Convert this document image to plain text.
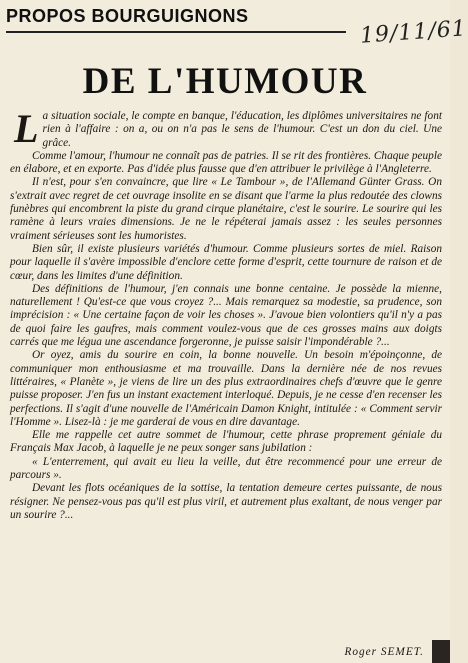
PROPOS BOURGUIGNONS
19/11/61
DE L'HUMOUR

La situation sociale, le compte en banque, l'éducation, les diplômes universitaires ne font rien à l'affaire : on a, ou on n'a pas le sens de l'humour. C'est un don du ciel. Une grâce.

Comme l'amour, l'humour ne connaît pas de patries. Il se rit des frontières. Chaque peuple en élabore, et en exporte. Pas d'idée plus fausse que d'en attribuer le privilège à l'Angleterre.

Il n'est, pour s'en convaincre, que lire « Le Tambour », de l'Allemand Günter Grass. On s'extrait avec regret de cet ouvrage insolite en se disant que l'arme la plus redoutée des clowns funèbres qui encombrent la piste du grand cirque planétaire, c'est le sourire. Le sourire qui les ramène à leurs vraies dimensions. Je ne le répéterai jamais assez : les seules personnes vraiment sérieuses sont les humoristes.

Bien sûr, il existe plusieurs variétés d'humour. Comme plusieurs sortes de miel. Raison pour laquelle il s'avère impossible d'enclore cette forme d'esprit, cette tournure de raison et de cœur, dans les limites d'une définition.

Des définitions de l'humour, j'en connais une bonne centaine. Je possède la mienne, naturellement ! Qu'est-ce que vous croyez ?... Mais remarquez sa modestie, sa prudence, son imprécision : « Une certaine façon de voir les choses ». J'avoue bien volontiers qu'il n'y a pas de quoi faire les gaufres, mais comment voulez-vous que de ces grosses mains aux doigts carrés que me légua une ascendance forgeronne, je puisse saisir l'impondérable ?...

Or oyez, amis du sourire en coin, la bonne nouvelle. Un besoin m'époinçonne, de communiquer mon enthousiasme et ma trouvaille. Dans la dernière née de nos revues littéraires, « Planète », je viens de lire un des plus extraordinaires chefs d'œuvre que le genre puisse proposer. J'en fus un instant exactement interloqué. Depuis, je ne cesse d'en recenser les perfections. Il s'agit d'une nouvelle de l'Américain Damon Knight, intitulée : « Comment servir l'Homme ». Lisez-là : je me garderai de vous en dire davantage.

Elle me rappelle cet autre sommet de l'humour, cette phrase proprement géniale du Français Max Jacob, à laquelle je ne peux songer sans jubilation :

« L'enterrement, qui avait eu lieu la veille, dut être recommencé pour une erreur de parcours ».

Devant les flots océaniques de la sottise, la tentation demeure certes puissante, de nous résigner. Ne pensez-vous pas qu'il est plus viril, et autrement plus exaltant, de nous venger par un sourire ?...

Roger SEMET.
